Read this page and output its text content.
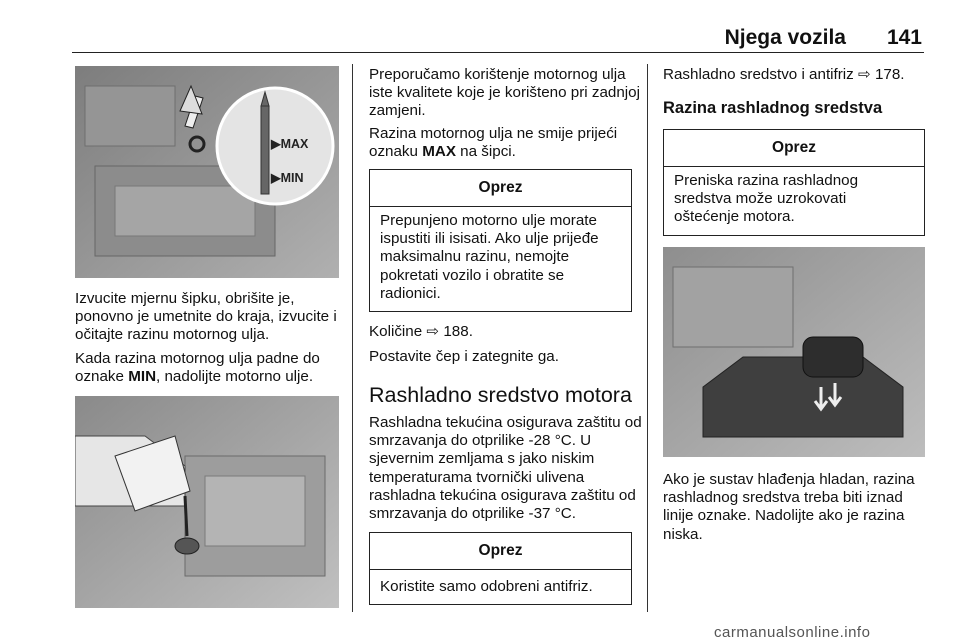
Njega vozila 141
▶MAX
▶MIN

Izvucite mjernu šipku, obrišite je, ponovno je umetnite do kraja, izvucite i očitajte razinu motornog ulja.

Kada razina motornog ulja padne do oznake MIN, nadolijte motorno ulje.

Preporučamo korištenje motornog ulja iste kvalitete koje je korišteno pri zadnjoj zamjeni.

Razina motornog ulja ne smije prijeći oznaku MAX na šipci.

Oprez
Prepunjeno motorno ulje morate ispustiti ili isisati. Ako ulje prijeđe maksimalnu razinu, nemojte pokretati vozilo i obratite se radionici.

Količine ⇨ 188.

Postavite čep i zategnite ga.

Rashladno sredstvo motora

Rashladna tekućina osigurava zaštitu od smrzavanja do otprilike -28 °C. U sjevernim zemljama s jako niskim temperaturama tvornički ulivena rashladna tekućina osigurava zaštitu od smrzavanja do otprilike -37 °C.

Oprez
Koristite samo odobreni antifriz.

Rashladno sredstvo i antifriz ⇨ 178.

Razina rashladnog sredstva
Oprez
Preniska razina rashladnog sredstva može uzrokovati oštećenje motora.

Ako je sustav hlađenja hladan, razina rashladnog sredstva treba biti iznad linije oznake. Nadolijte ako je razina niska.

carmanualsonline.info
